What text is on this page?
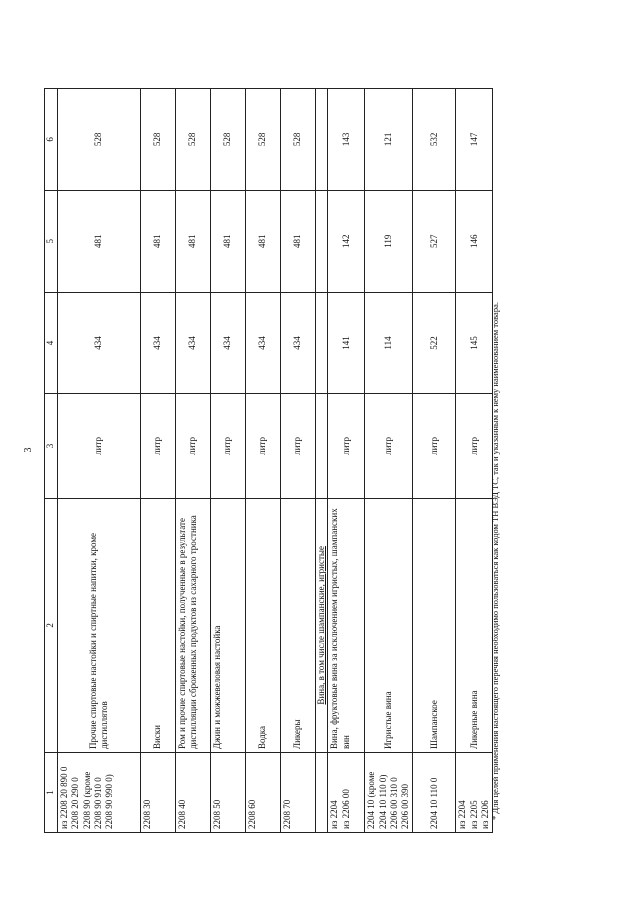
3
1	2	3	4	5	6

из 2208 20 890 0 2208 20 290 0 2208 90 (кроме 2208 90 910 0 2208 90 990 0)	Прочие спиртовые настойки и спиртные напитки, кроме дистиллятов	литр	434	481	528

2208 30	Виски	литр	434	481	528

2208 40	Ром и прочие спиртовые настойки, полученные в результате дистилляции сброженных продуктов из сахарного тростника	литр	434	481	528

2208 50	Джин и можжевеловая настойка	литр	434	481	528

2208 60	Водка	литр	434	481	528

2208 70	Ликеры	литр	434	481	528
	Вина, в том числе шампанские, игристые				

из 2204 из 2206 00	Вина, фруктовые вина за исключением игристых, шампанских вин	литр	141	142	143

2204 10 (кроме 2204 10 110 0) 2206 00 310 0 2206 00 390	Игристые вина	литр	114	119	121

2204 10 110 0	Шампанское	литр	522	527	532

из 2204 из 2205 из 2206	Ликерные вина	литр	145	146	147
* Для целей применения настоящего перечня необходимо пользоваться как кодом ТН ВЭД ТС, так и указанным к нему наименованием товара.
